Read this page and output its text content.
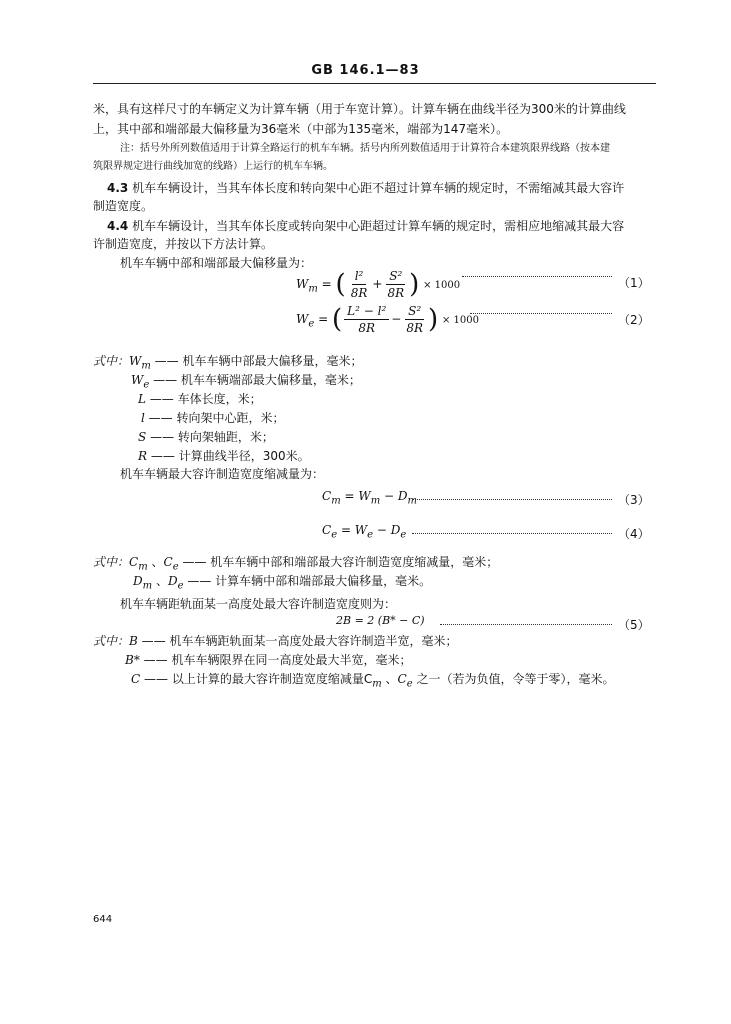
GB 146.1—83
米，具有这样尺寸的车辆定义为计算车辆（用于车宽计算）。计算车辆在曲线半径为300米的计算曲线
上，其中部和端部最大偏移量为36毫米（中部为135毫米，端部为147毫米）。
注：括号外所列数值适用于计算全路运行的机车车辆。括号内所列数值适用于计算符合本建筑限界线路（按本建
筑限界规定进行曲线加宽的线路）上运行的机车车辆。
4.3 机车车辆设计，当其车体长度和转向架中心距不超过计算车辆的规定时，不需缩减其最大容许
制造宽度。
4.4 机车车辆设计，当其车体长度或转向架中心距超过计算车辆的规定时，需相应地缩减其最大容
许制造宽度，并按以下方法计算。
机车车辆中部和端部最大偏移量为：
$W_m$ = ( $\frac{\text{l²}}{8R} + \frac{\text{S²}}{8R}$ ) × 1000	（1）
$W_e$ = ( $\frac{\text{L² − l²}}{8R} - \frac{\text{S²}}{8R}$ ) × 1000	（2）
式中：$W_m$ —— 机车车辆中部最大偏移量，毫米；
$W_e$ —— 机车车辆端部最大偏移量，毫米；
L —— 车体长度，米；
l —— 转向架中心距，米；
S —— 转向架轴距，米；
R —— 计算曲线半径，300米。
机车车辆最大容许制造宽度缩减量为：
$C_m = W_m - D_m$	（3）
$C_e = W_e - D_e$	（4）
式中：$C_m$ 、$C_e$ —— 机车车辆中部和端部最大容许制造宽度缩减量，毫米；
$D_m$ 、$D_e$ —— 计算车辆中部和端部最大偏移量，毫米。
机车车辆距轨面某一高度处最大容许制造宽度则为：
2B = 2 (B* − C)	（5）
式中：B —— 机车车辆距轨面某一高度处最大容许制造半宽，毫米；
B* —— 机车车辆限界在同一高度处最大半宽，毫米；
C —— 以上计算的最大容许制造宽度缩减量$C_m$ 、$C_e$ 之一（若为负值，令等于零），毫米。
644
